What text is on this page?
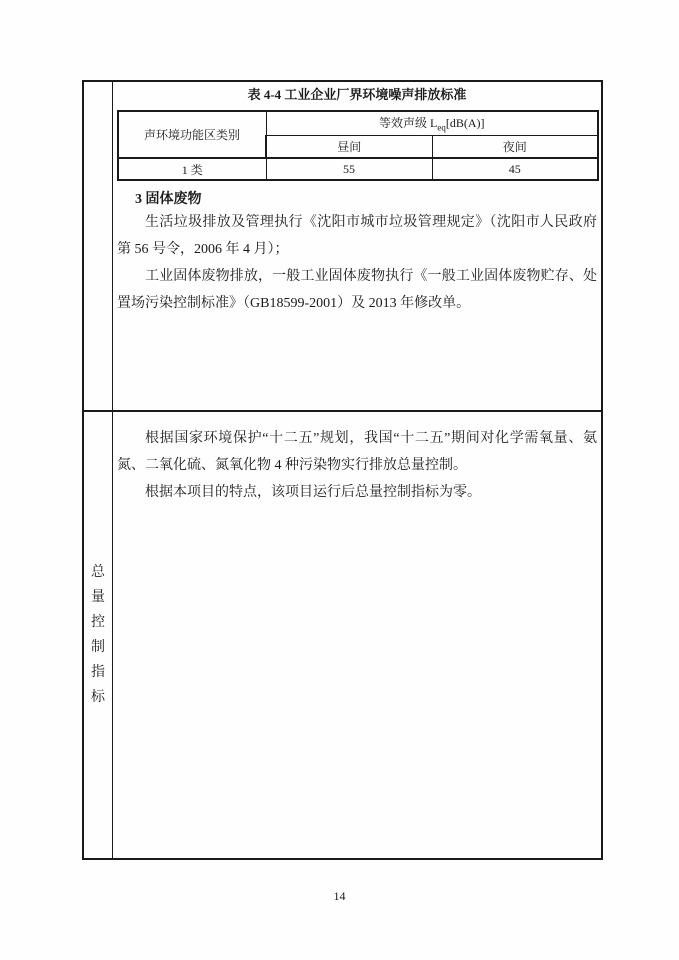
表 4-4 工业企业厂界环境噪声排放标准
声环境功能区类别	等效声级 $L_{eq}[dB(A)]$	
	昼间	夜间
1 类	55	45
3 固体废物

生活垃圾排放及管理执行《沈阳市城市垃圾管理规定》（沈阳市人民政府第 56 号令，2006 年 4 月）；

工业固体废物排放，一般工业固体废物执行《一般工业固体废物贮存、处置场污染控制标准》（GB18599-2001）及 2013 年修改单。

总量控制指标

根据国家环境保护“十二五”规划，我国“十二五”期间对化学需氧量、氨氮、二氧化硫、氮氧化物 4 种污染物实行排放总量控制。

根据本项目的特点，该项目运行后总量控制指标为零。

14
